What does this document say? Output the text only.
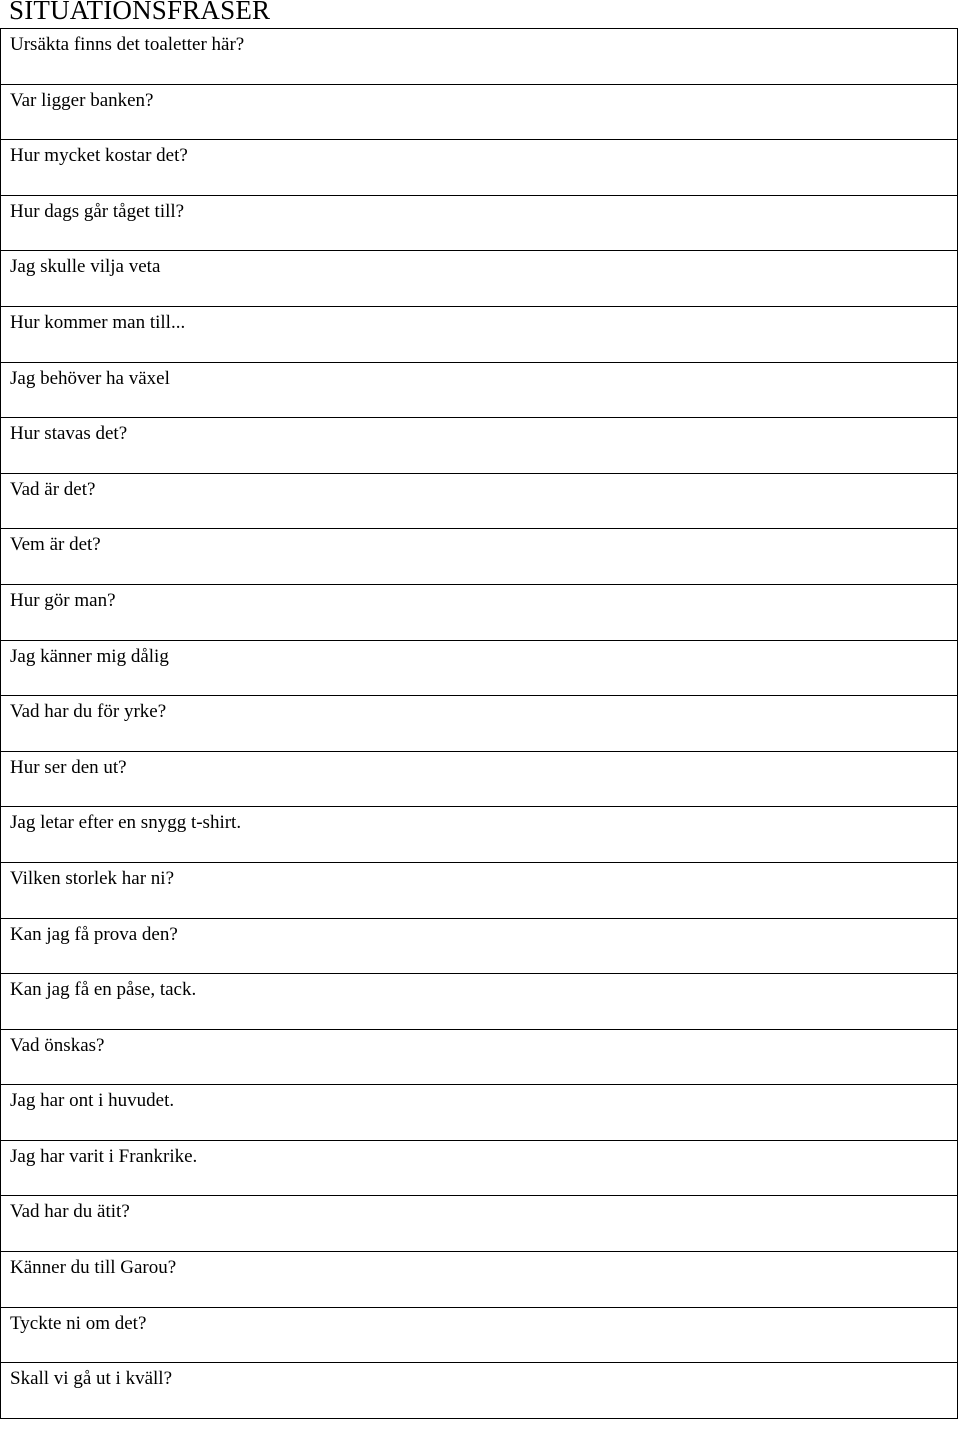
SITUATIONSFRASER
Ursäkta finns det toaletter här?
Var ligger banken?
Hur mycket kostar det?
Hur dags går tåget till?
Jag skulle vilja veta
Hur kommer man till...
Jag behöver ha växel
Hur stavas det?
Vad är det?
Vem är det?
Hur gör man?
Jag känner mig dålig
Vad har du för yrke?
Hur ser den ut?
Jag letar efter en snygg t-shirt.
Vilken storlek har ni?
Kan jag få prova den?
Kan jag få en påse, tack.
Vad önskas?
Jag har ont i huvudet.
Jag har varit i Frankrike.
Vad har du ätit?
Känner du till Garou?
Tyckte ni om det?
Skall vi gå ut i kväll?
